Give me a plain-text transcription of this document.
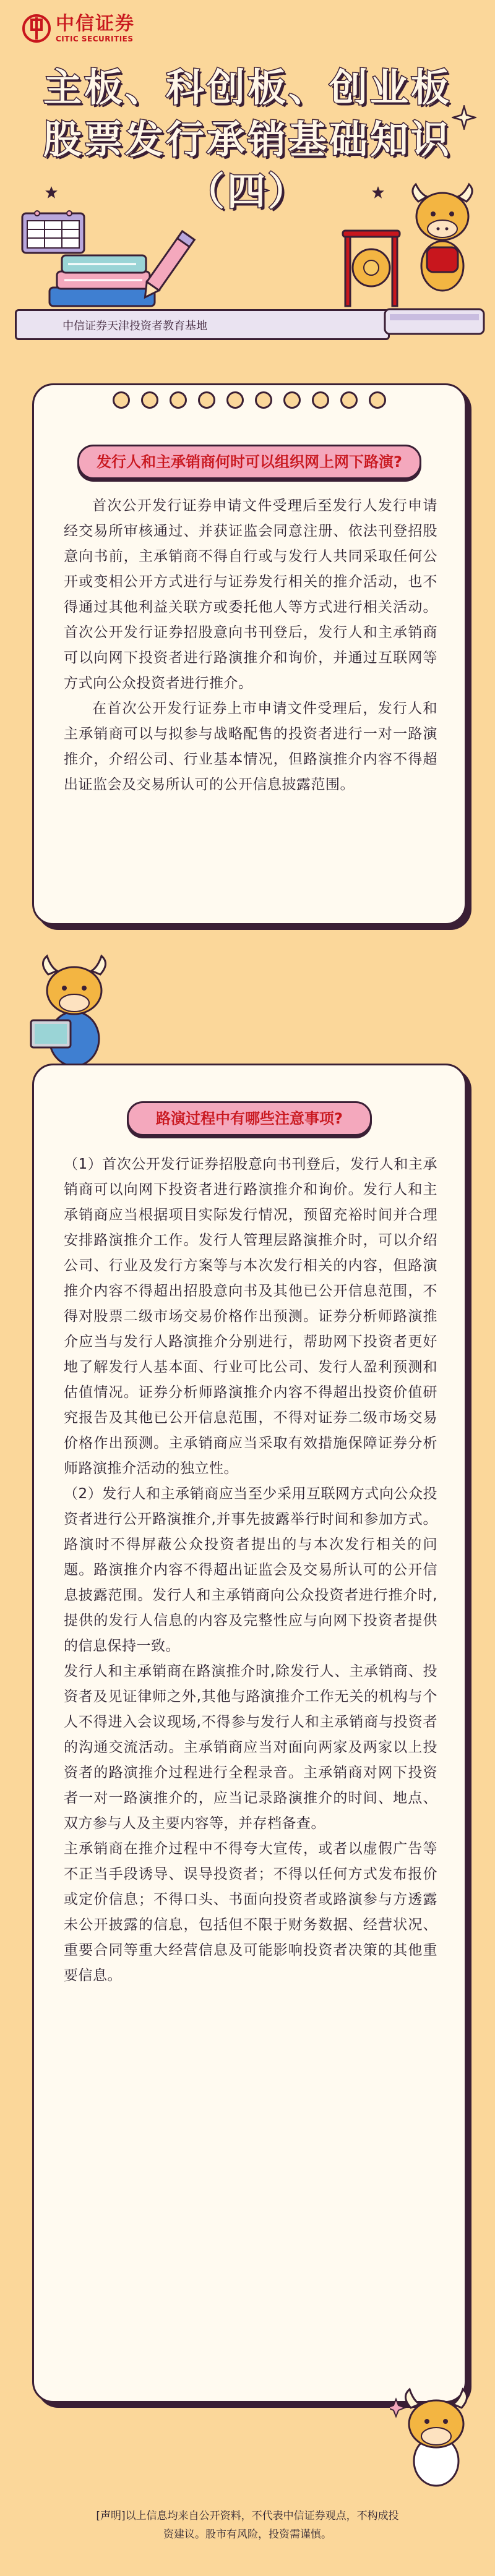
中信证券
CITIC SECURITIES
主板、科创板、创业板
股票发行承销基础知识
（四）
中信证券天津投资者教育基地
发行人和主承销商何时可以组织网上网下路演?

首次公开发行证券申请文件受理后至发行人发行申请经交易所审核通过、并获证监会同意注册、依法刊登招股意向书前，主承销商不得自行或与发行人共同采取任何公开或变相公开方式进行与证券发行相关的推介活动，也不得通过其他利益关联方或委托他人等方式进行相关活动。首次公开发行证券招股意向书刊登后，发行人和主承销商可以向网下投资者进行路演推介和询价，并通过互联网等方式向公众投资者进行推介。

在首次公开发行证券上市申请文件受理后，发行人和主承销商可以与拟参与战略配售的投资者进行一对一路演推介，介绍公司、行业基本情况，但路演推介内容不得超出证监会及交易所认可的公开信息披露范围。

路演过程中有哪些注意事项?

（1）首次公开发行证券招股意向书刊登后，发行人和主承销商可以向网下投资者进行路演推介和询价。发行人和主承销商应当根据项目实际发行情况，预留充裕时间并合理安排路演推介工作。发行人管理层路演推介时，可以介绍公司、行业及发行方案等与本次发行相关的内容，但路演推介内容不得超出招股意向书及其他已公开信息范围，不得对股票二级市场交易价格作出预测。证券分析师路演推介应当与发行人路演推介分别进行，帮助网下投资者更好地了解发行人基本面、行业可比公司、发行人盈利预测和估值情况。证券分析师路演推介内容不得超出投资价值研究报告及其他已公开信息范围，不得对证券二级市场交易价格作出预测。主承销商应当采取有效措施保障证券分析师路演推介活动的独立性。

（2）发行人和主承销商应当至少采用互联网方式向公众投资者进行公开路演推介,并事先披露举行时间和参加方式。路演时不得屏蔽公众投资者提出的与本次发行相关的问题。路演推介内容不得超出证监会及交易所认可的公开信息披露范围。发行人和主承销商向公众投资者进行推介时,提供的发行人信息的内容及完整性应与向网下投资者提供的信息保持一致。

发行人和主承销商在路演推介时,除发行人、主承销商、投资者及见证律师之外,其他与路演推介工作无关的机构与个人不得进入会议现场,不得参与发行人和主承销商与投资者的沟通交流活动。主承销商应当对面向两家及两家以上投资者的路演推介过程进行全程录音。主承销商对网下投资者一对一路演推介的，应当记录路演推介的时间、地点、双方参与人及主要内容等，并存档备查。

主承销商在推介过程中不得夸大宣传，或者以虚假广告等不正当手段诱导、误导投资者；不得以任何方式发布报价或定价信息；不得口头、书面向投资者或路演参与方透露未公开披露的信息，包括但不限于财务数据、经营状况、重要合同等重大经营信息及可能影响投资者决策的其他重要信息。

[声明]以上信息均来自公开资料，不代表中信证券观点，不构成投资建议。股市有风险，投资需谨慎。
